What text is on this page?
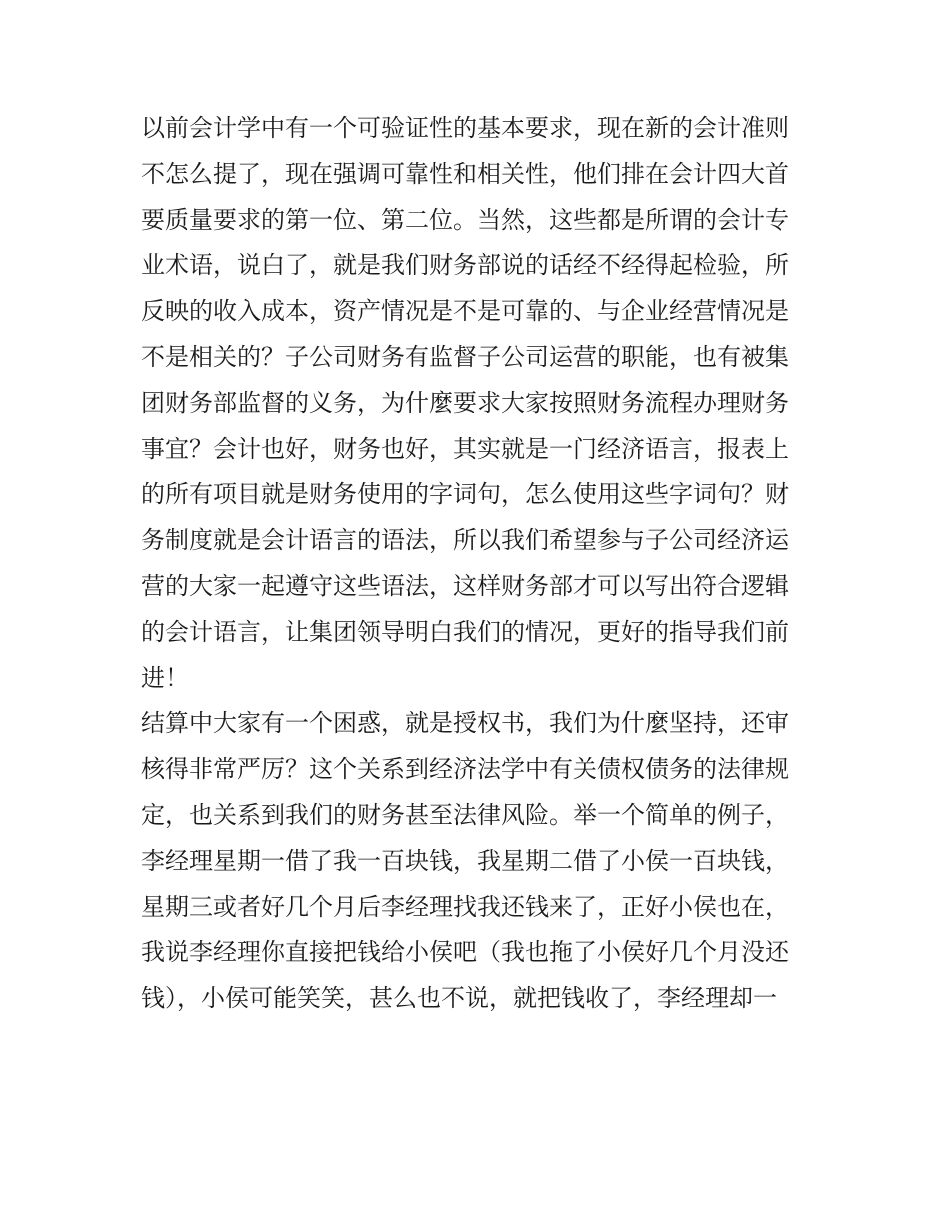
以前会计学中有一个可验证性的基本要求，现在新的会计准则
不怎么提了，现在强调可靠性和相关性，他们排在会计四大首
要质量要求的第一位、第二位。当然，这些都是所谓的会计专
业术语，说白了，就是我们财务部说的话经不经得起检验，所
反映的收入成本，资产情况是不是可靠的、与企业经营情况是
不是相关的？子公司财务有监督子公司运营的职能，也有被集
团财务部监督的义务，为什麼要求大家按照财务流程办理财务
事宜？会计也好，财务也好，其实就是一门经济语言，报表上
的所有项目就是财务使用的字词句，怎么使用这些字词句？财
务制度就是会计语言的语法，所以我们希望参与子公司经济运
营的大家一起遵守这些语法，这样财务部才可以写出符合逻辑
的会计语言，让集团领导明白我们的情况，更好的指导我们前
进！
结算中大家有一个困惑，就是授权书，我们为什麼坚持，还审
核得非常严厉？这个关系到经济法学中有关债权债务的法律规
定，也关系到我们的财务甚至法律风险。举一个简单的例子，
李经理星期一借了我一百块钱，我星期二借了小侯一百块钱，
星期三或者好几个月后李经理找我还钱来了，正好小侯也在，
我说李经理你直接把钱给小侯吧（我也拖了小侯好几个月没还
钱），小侯可能笑笑，甚么也不说，就把钱收了，李经理却一
